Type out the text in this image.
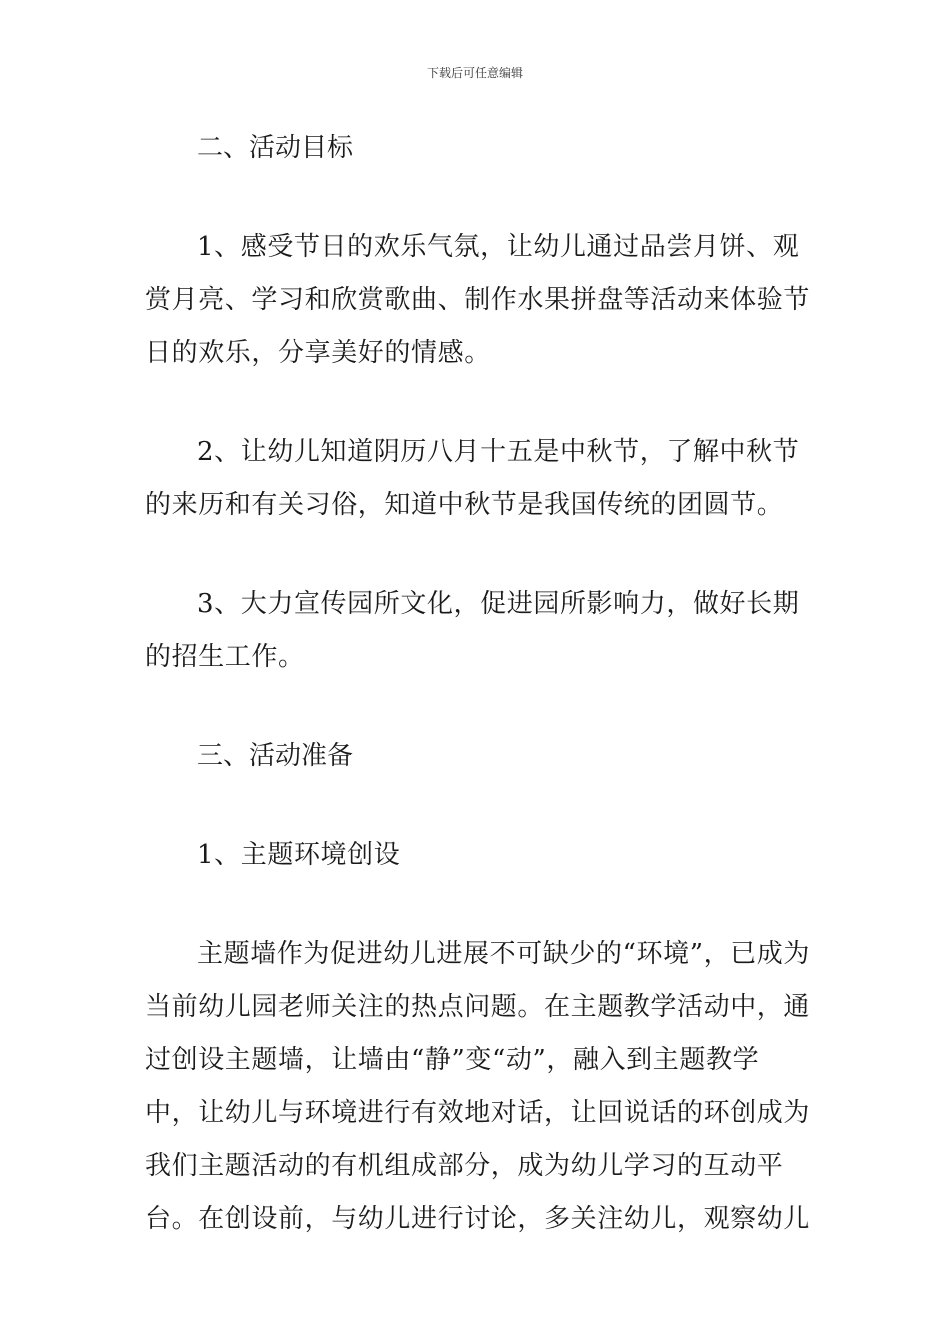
下载后可任意编辑
二、活动目标

1、感受节日的欢乐气氛，让幼儿通过品尝月饼、观赏月亮、学习和欣赏歌曲、制作水果拼盘等活动来体验节日的欢乐，分享美好的情感。

2、让幼儿知道阴历八月十五是中秋节，了解中秋节的来历和有关习俗，知道中秋节是我国传统的团圆节。

3、大力宣传园所文化，促进园所影响力，做好长期的招生工作。

三、活动准备

1、主题环境创设

主题墙作为促进幼儿进展不可缺少的“环境”，已成为当前幼儿园老师关注的热点问题。在主题教学活动中，通过创设主题墙，让墙由“静”变“动”，融入到主题教学中，让幼儿与环境进行有效地对话，让回说话的环创成为我们主题活动的有机组成部分，成为幼儿学习的互动平台。在创设前，与幼儿进行讨论，多关注幼儿，观察幼儿
